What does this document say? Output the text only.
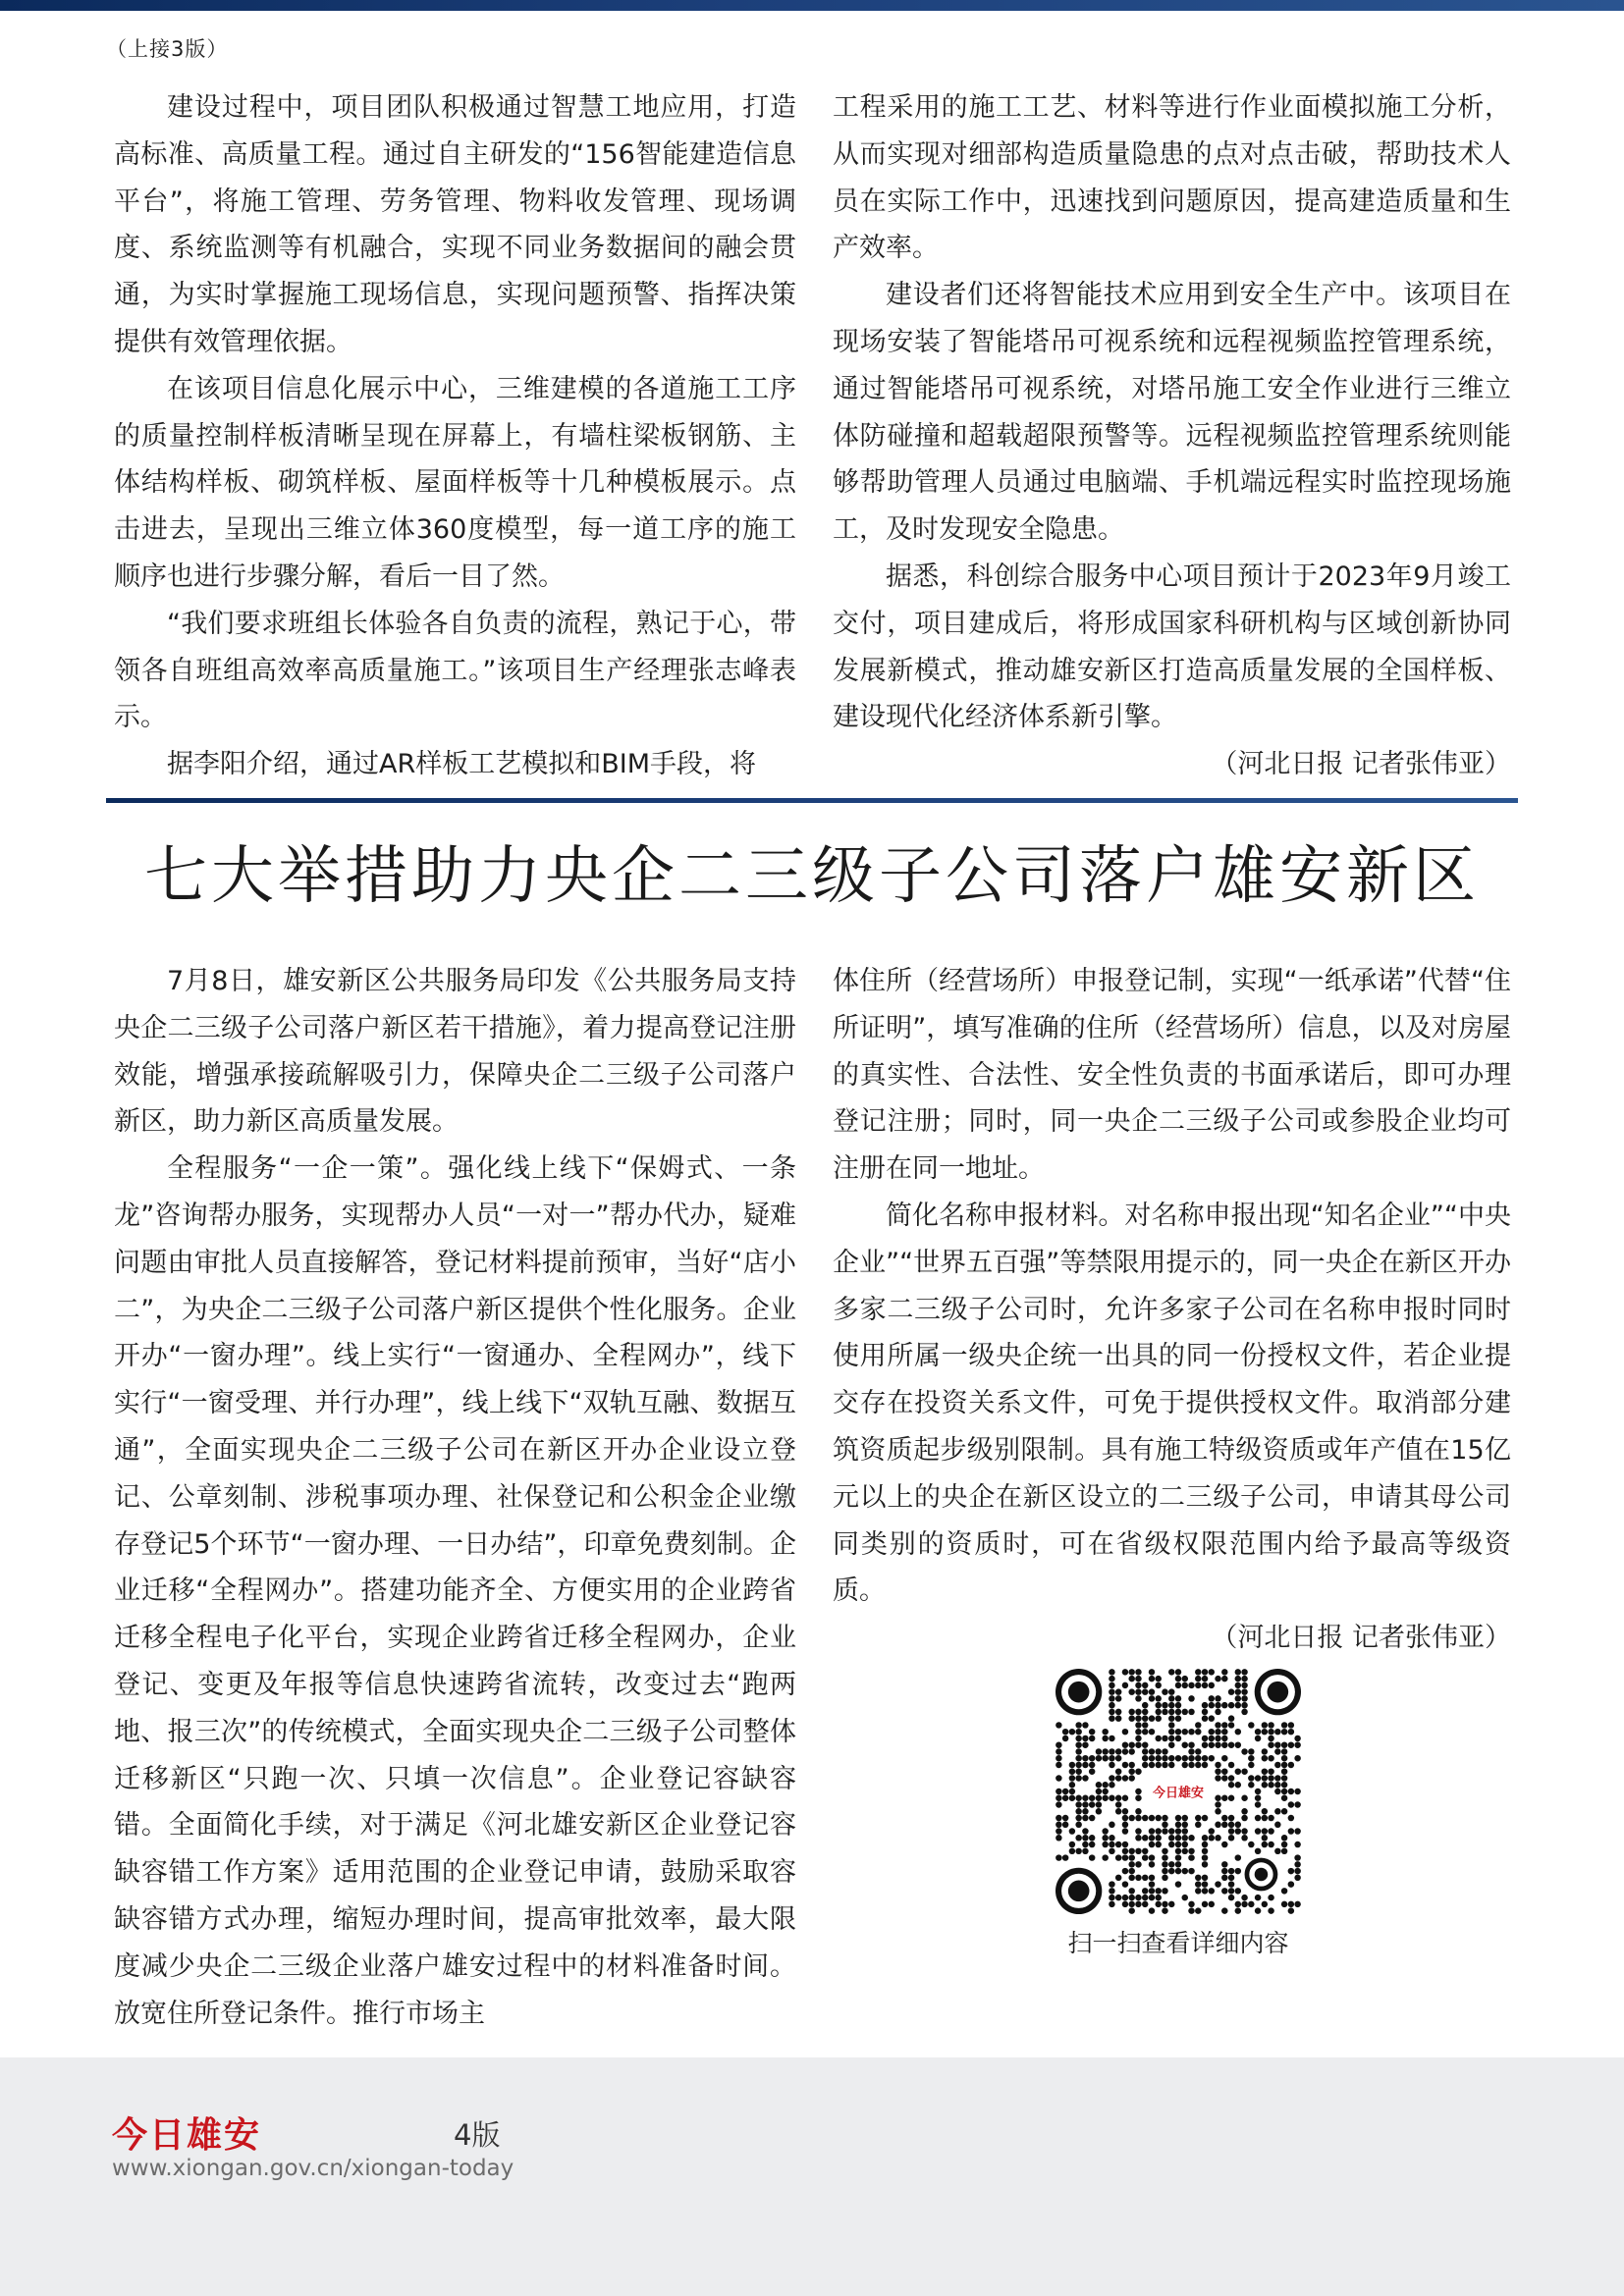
（上接3版）

建设过程中，项目团队积极通过智慧工地应用，打造高标准、高质量工程。通过自主研发的“156智能建造信息平台”，将施工管理、劳务管理、物料收发管理、现场调度、系统监测等有机融合，实现不同业务数据间的融会贯通，为实时掌握施工现场信息，实现问题预警、指挥决策提供有效管理依据。

在该项目信息化展示中心，三维建模的各道施工工序的质量控制样板清晰呈现在屏幕上，有墙柱梁板钢筋、主体结构样板、砌筑样板、屋面样板等十几种模板展示。点击进去，呈现出三维立体360度模型，每一道工序的施工顺序也进行步骤分解，看后一目了然。

“我们要求班组长体验各自负责的流程，熟记于心，带领各自班组高效率高质量施工。”该项目生产经理张志峰表示。

据李阳介绍，通过AR样板工艺模拟和BIM手段，将

工程采用的施工工艺、材料等进行作业面模拟施工分析，从而实现对细部构造质量隐患的点对点击破，帮助技术人员在实际工作中，迅速找到问题原因，提高建造质量和生产效率。

建设者们还将智能技术应用到安全生产中。该项目在现场安装了智能塔吊可视系统和远程视频监控管理系统，通过智能塔吊可视系统，对塔吊施工安全作业进行三维立体防碰撞和超载超限预警等。远程视频监控管理系统则能够帮助管理人员通过电脑端、手机端远程实时监控现场施工，及时发现安全隐患。

据悉，科创综合服务中心项目预计于2023年9月竣工交付，项目建成后，将形成国家科研机构与区域创新协同发展新模式，推动雄安新区打造高质量发展的全国样板、建设现代化经济体系新引擎。

（河北日报 记者张伟亚）

七大举措助力央企二三级子公司落户雄安新区

7月8日，雄安新区公共服务局印发《公共服务局支持央企二三级子公司落户新区若干措施》，着力提高登记注册效能，增强承接疏解吸引力，保障央企二三级子公司落户新区，助力新区高质量发展。

全程服务“一企一策”。强化线上线下“保姆式、一条龙”咨询帮办服务，实现帮办人员“一对一”帮办代办，疑难问题由审批人员直接解答，登记材料提前预审，当好“店小二”，为央企二三级子公司落户新区提供个性化服务。企业开办“一窗办理”。线上实行“一窗通办、全程网办”，线下实行“一窗受理、并行办理”，线上线下“双轨互融、数据互通”，全面实现央企二三级子公司在新区开办企业设立登记、公章刻制、涉税事项办理、社保登记和公积金企业缴存登记5个环节“一窗办理、一日办结”，印章免费刻制。企业迁移“全程网办”。搭建功能齐全、方便实用的企业跨省迁移全程电子化平台，实现企业跨省迁移全程网办，企业登记、变更及年报等信息快速跨省流转，改变过去“跑两地、报三次”的传统模式，全面实现央企二三级子公司整体迁移新区“只跑一次、只填一次信息”。企业登记容缺容错。全面简化手续，对于满足《河北雄安新区企业登记容缺容错工作方案》适用范围的企业登记申请，鼓励采取容缺容错方式办理，缩短办理时间，提高审批效率，最大限度减少央企二三级企业落户雄安过程中的材料准备时间。放宽住所登记条件。推行市场主

体住所（经营场所）申报登记制，实现“一纸承诺”代替“住所证明”，填写准确的住所（经营场所）信息，以及对房屋的真实性、合法性、安全性负责的书面承诺后，即可办理登记注册；同时，同一央企二三级子公司或参股企业均可注册在同一地址。

简化名称申报材料。对名称申报出现“知名企业”“中央企业”“世界五百强”等禁限用提示的，同一央企在新区开办多家二三级子公司时，允许多家子公司在名称申报时同时使用所属一级央企统一出具的同一份授权文件，若企业提交存在投资关系文件，可免于提供授权文件。取消部分建筑资质起步级别限制。具有施工特级资质或年产值在15亿元以上的央企在新区设立的二三级子公司，申请其母公司同类别的资质时，可在省级权限范围内给予最高等级资质。

（河北日报 记者张伟亚）

今日雄安
扫一扫查看详细内容
今日雄安	4版
www.xiongan.gov.cn/xiongan-today
